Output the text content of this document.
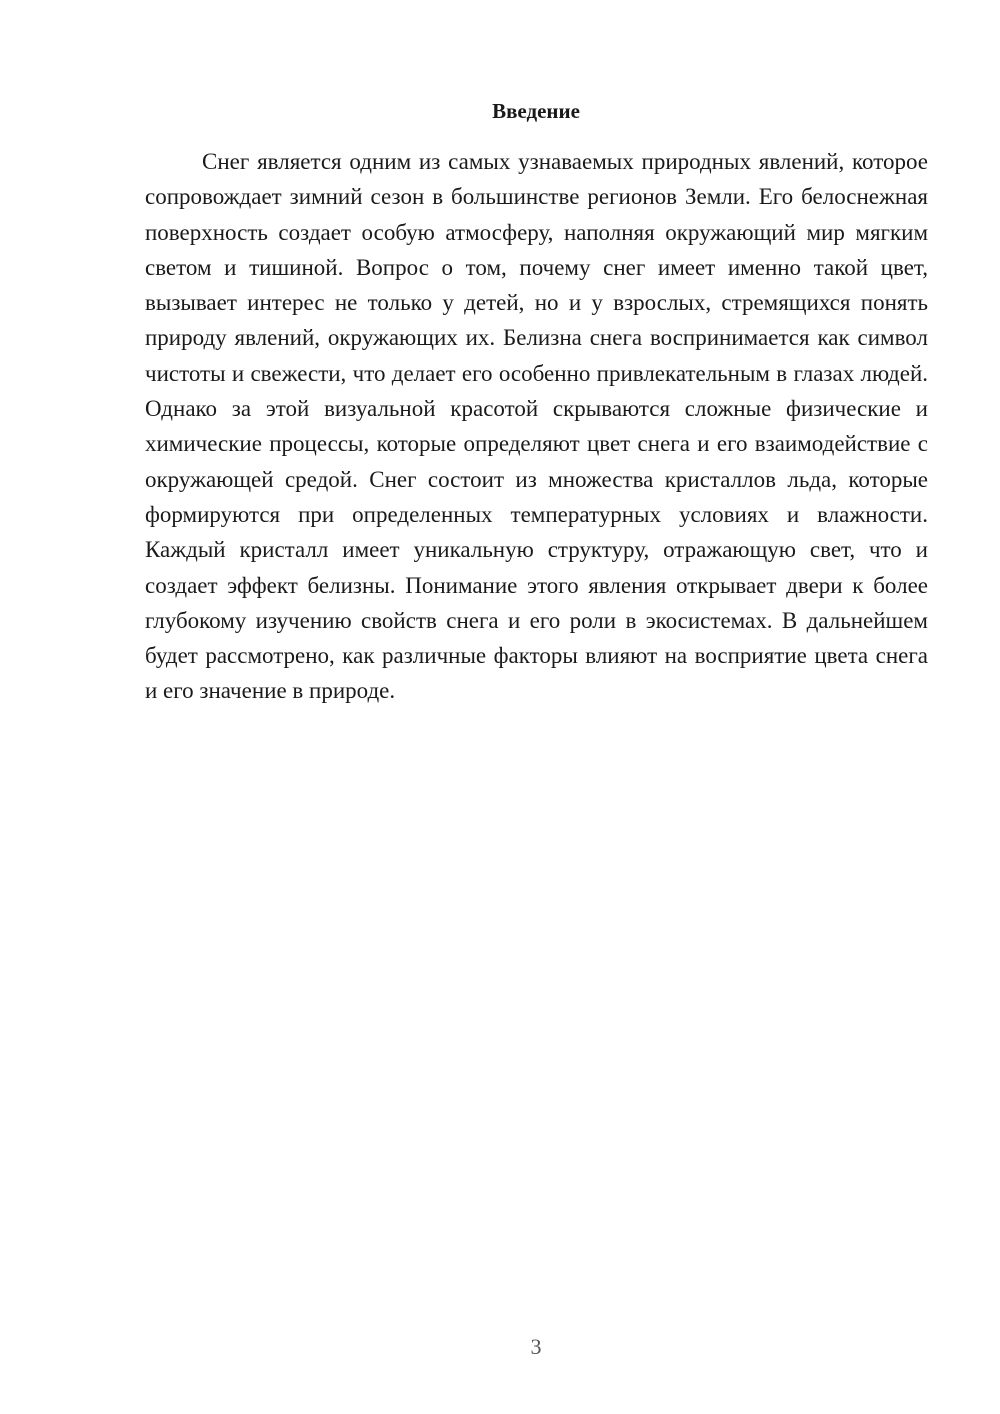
Введение

Снег является одним из самых узнаваемых природных явлений, которое сопровождает зимний сезон в большинстве регионов Земли. Его белоснежная поверхность создает особую атмосферу, наполняя окружающий мир мягким светом и тишиной. Вопрос о том, почему снег имеет именно такой цвет, вызывает интерес не только у детей, но и у взрослых, стремящихся понять природу явлений, окружающих их. Белизна снега воспринимается как символ чистоты и свежести, что делает его особенно привлекательным в глазах людей. Однако за этой визуальной красотой скрываются сложные физические и химические процессы, которые определяют цвет снега и его взаимодействие с окружающей средой. Снег состоит из множества кристаллов льда, которые формируются при определенных температурных условиях и влажности. Каждый кристалл имеет уникальную структуру, отражающую свет, что и создает эффект белизны. Понимание этого явления открывает двери к более глубокому изучению свойств снега и его роли в экосистемах. В дальнейшем будет рассмотрено, как различные факторы влияют на восприятие цвета снега и его значение в природе.

3
